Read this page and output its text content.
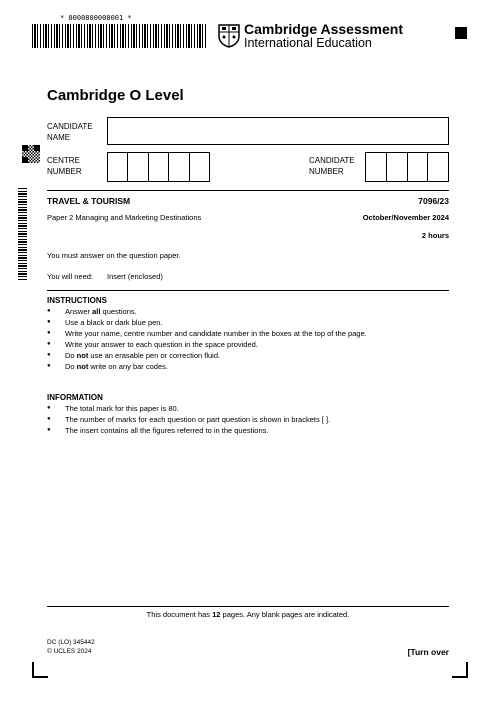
* 0000800000001 *
Cambridge Assessment
International Education
Cambridge O Level
CANDIDATE
NAME
CENTRE
NUMBER
CANDIDATE
NUMBER
TRAVEL & TOURISM	7096/23
Paper 2 Managing and Marketing Destinations	October/November 2024
2 hours
You must answer on the question paper.
You will need: Insert (enclosed)
INSTRUCTIONS
● Answer all questions.
● Use a black or dark blue pen.
● Write your name, centre number and candidate number in the boxes at the top of the page.
● Write your answer to each question in the space provided.
● Do not use an erasable pen or correction fluid.
● Do not write on any bar codes.
INFORMATION
● The total mark for this paper is 80.
● The number of marks for each question or part question is shown in brackets [ ].
● The insert contains all the figures referred to in the questions.
This document has 12 pages. Any blank pages are indicated.
DC (LO) 345442
© UCLES 2024	[Turn over
